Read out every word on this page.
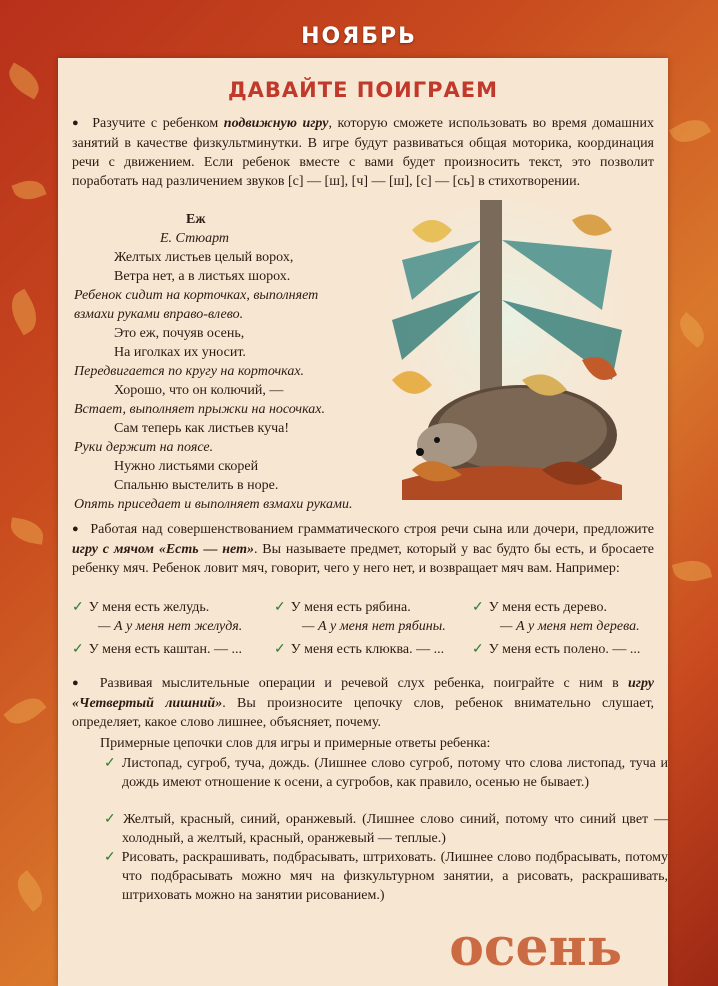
НОЯБРЬ
ДАВАЙТЕ ПОИГРАЕМ
● Разучите с ребенком подвижную игру, которую сможете использовать во время домашних занятий в качестве физкультминутки. В игре будут развиваться общая моторика, координация речи с движением. Если ребенок вместе с вами будет произносить текст, это позволит поработать над различением звуков [с] — [ш], [ч] — [ш], [с] — [сь] в стихотворении.
Еж
Е. Стюарт
Желтых листьев целый ворох,
Ветра нет, а в листьях шорох.
Ребенок сидит на корточках, выполняет
взмахи руками вправо-влево.
Это еж, почуяв осень,
На иголках их уносит.
Передвигается по кругу на корточках.
Хорошо, что он колючий, —
Встает, выполняет прыжки на носочках.
Сам теперь как листьев куча!
Руки держит на поясе.
Нужно листьями скорей
Спальню выстелить в норе.
Опять приседает и выполняет взмахи руками.
● Работая над совершенствованием грамматического строя речи сына или дочери, предложите игру с мячом «Есть — нет». Вы называете предмет, который у вас будто бы есть, и бросаете ребенку мяч. Ребенок ловит мяч, говорит, чего у него нет, и возвращает мяч вам. Например:
✓ У меня есть желудь.
— А у меня нет желудя.
✓ У меня есть рябина.
— А у меня нет рябины.
✓ У меня есть дерево.
— А у меня нет дерева.
✓ У меня есть каштан. — ... ✓ У меня есть клюква. — ... ✓ У меня есть полено. — ...
● Развивая мыслительные операции и речевой слух ребенка, поиграйте с ним в игру «Четвертый лишний». Вы произносите цепочку слов, ребенок внимательно слушает, определяет, какое слово лишнее, объясняет, почему.
Примерные цепочки слов для игры и примерные ответы ребенка:
✓ Листопад, сугроб, туча, дождь. (Лишнее слово сугроб, потому что слова листопад, туча и дождь имеют отношение к осени, а сугробов, как правило, осенью не бывает.)
✓ Желтый, красный, синий, оранжевый. (Лишнее слово синий, потому что синий цвет — холодный, а желтый, красный, оранжевый — теплые.)
✓ Рисовать, раскрашивать, подбрасывать, штриховать. (Лишнее слово подбрасывать, потому что подбрасывать можно мяч на физкультурном занятии, а рисовать, раскрашивать, штриховать можно на занятии рисованием.)
осень
